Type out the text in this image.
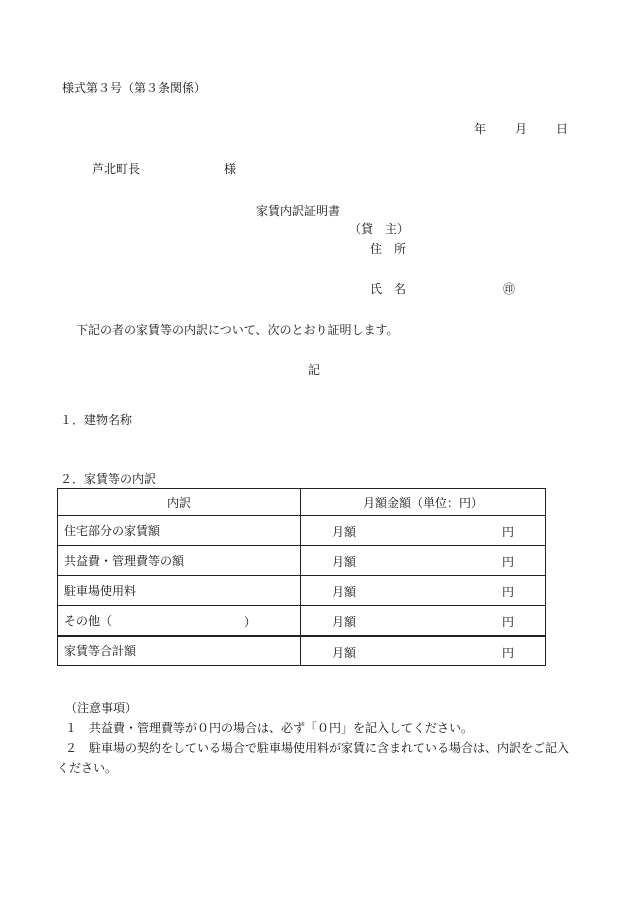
様式第３号（第３条関係）
年 月 日
芦北町長	様
家賃内訳証明書
（貸　主）
住　所
氏　名	㊞
下記の者の家賃等の内訳について、次のとおり証明します。
記
１．建物名称
２．家賃等の内訳
内訳	月額金額（単位：円）
住宅部分の家賃額	月額 円

共益費・管理費等の額	月額 円

駐車場使用料	月額 円

その他（ ）	月額 円

家賃等合計額	月額 円

（注意事項）

１　共益費・管理費等が０円の場合は、必ず「０円」を記入してください。

２　駐車場の契約をしている場合で駐車場使用料が家賃に含まれている場合は、内訳をご記入ください。
